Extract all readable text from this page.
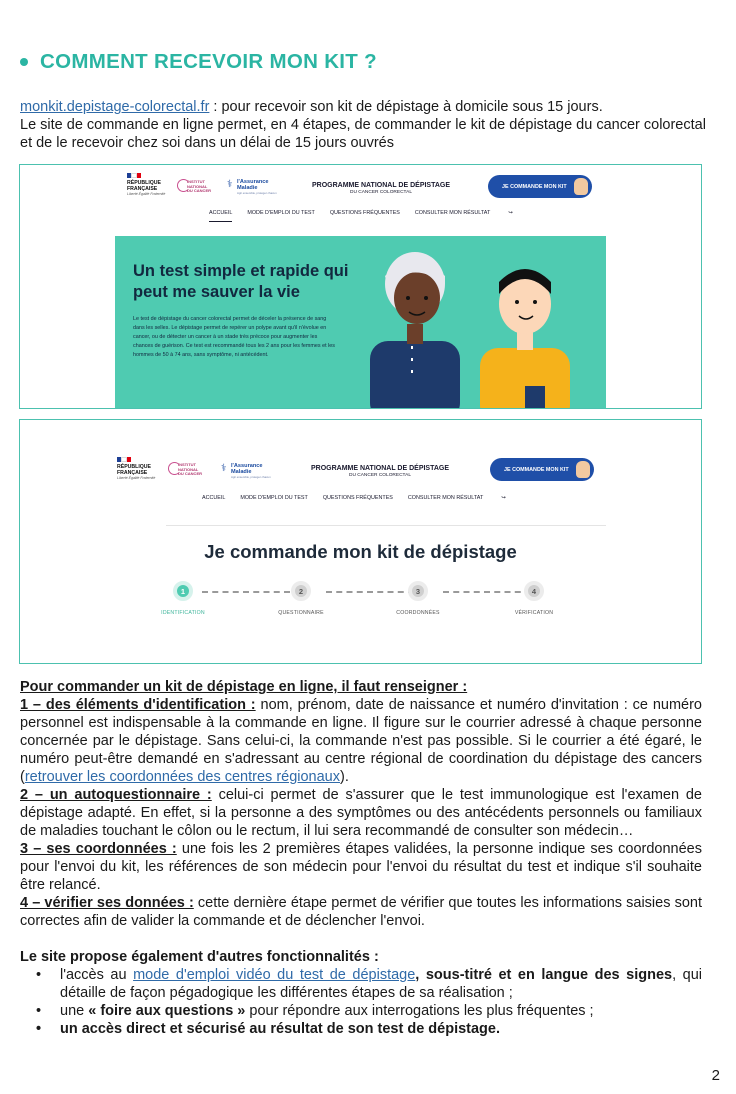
COMMENT RECEVOIR MON KIT ?
monkit.depistage-colorectal.fr : pour recevoir son kit de dépistage à domicile sous 15 jours.
Le site de commande en ligne permet, en 4 étapes, de commander le kit de dépistage du cancer colorectal et de le recevoir chez soi dans un délai de 15 jours ouvrés
RÉPUBLIQUE FRANÇAISE
Liberté Égalité Fraternité
INSTITUT NATIONAL DU CANCER
⚕ l'Assurance Maladie
Agir ensemble, protéger chacun
PROGRAMME NATIONAL DE DÉPISTAGE
DU CANCER COLORECTAL
JE COMMANDE MON KIT
ACCUEIL	MODE D'EMPLOI DU TEST	QUESTIONS FRÉQUENTES	CONSULTER MON RÉSULTAT	↪
Un test simple et rapide qui peut me sauver la vie
Le test de dépistage du cancer colorectal permet de déceler la présence de sang dans les selles. Le dépistage permet de repérer un polype avant qu'il n'évolue en cancer, ou de détecter un cancer à un stade très précoce pour augmenter les chances de guérison. Ce test est recommandé tous les 2 ans pour les femmes et les hommes de 50 à 74 ans, sans symptôme, ni antécédent.
RÉPUBLIQUE FRANÇAISE
Liberté Égalité Fraternité
INSTITUT NATIONAL DU CANCER ⚕ l'Assurance Maladie
Agir ensemble, protéger chacun
PROGRAMME NATIONAL DE DÉPISTAGE
DU CANCER COLORECTAL
JE COMMANDE MON KIT
ACCUEIL	MODE D'EMPLOI DU TEST	QUESTIONS FRÉQUENTES	CONSULTER MON RÉSULTAT	↪
Je commande mon kit de dépistage
1
IDENTIFICATION
2
QUESTIONNAIRE
3
COORDONNÉES
4
VÉRIFICATION

Pour commander un kit de dépistage en ligne, il faut renseigner :

1 – des éléments d'identification : nom, prénom, date de naissance et numéro d'invitation : ce numéro personnel est indispensable à la commande en ligne. Il figure sur le courrier adressé à chaque personne concernée par le dépistage. Sans celui-ci, la commande n'est pas possible. Si le courrier a été égaré, le numéro peut-être demandé en s'adressant au centre régional de coordination du dépistage des cancers (retrouver les coordonnées des centres régionaux).

2 – un autoquestionnaire : celui-ci permet de s'assurer que le test immunologique est l'examen de dépistage adapté. En effet, si la personne a des symptômes ou des antécédents personnels ou familiaux de maladies touchant le côlon ou le rectum, il lui sera recommandé de consulter son médecin…

3 – ses coordonnées : une fois les 2 premières étapes validées, la personne indique ses coordonnées pour l'envoi du kit, les références de son médecin pour l'envoi du résultat du test et indique s'il souhaite être relancé.

4 – vérifier ses données : cette dernière étape permet de vérifier que toutes les informations saisies sont correctes afin de valider la commande et de déclencher l'envoi.

Le site propose également d'autres fonctionnalités :

• l'accès au mode d'emploi vidéo du test de dépistage, sous-titré et en langue des signes, qui détaille de façon pégadogique les différentes étapes de sa réalisation ;
• une « foire aux questions » pour répondre aux interrogations les plus fréquentes ;
• un accès direct et sécurisé au résultat de son test de dépistage.
2
